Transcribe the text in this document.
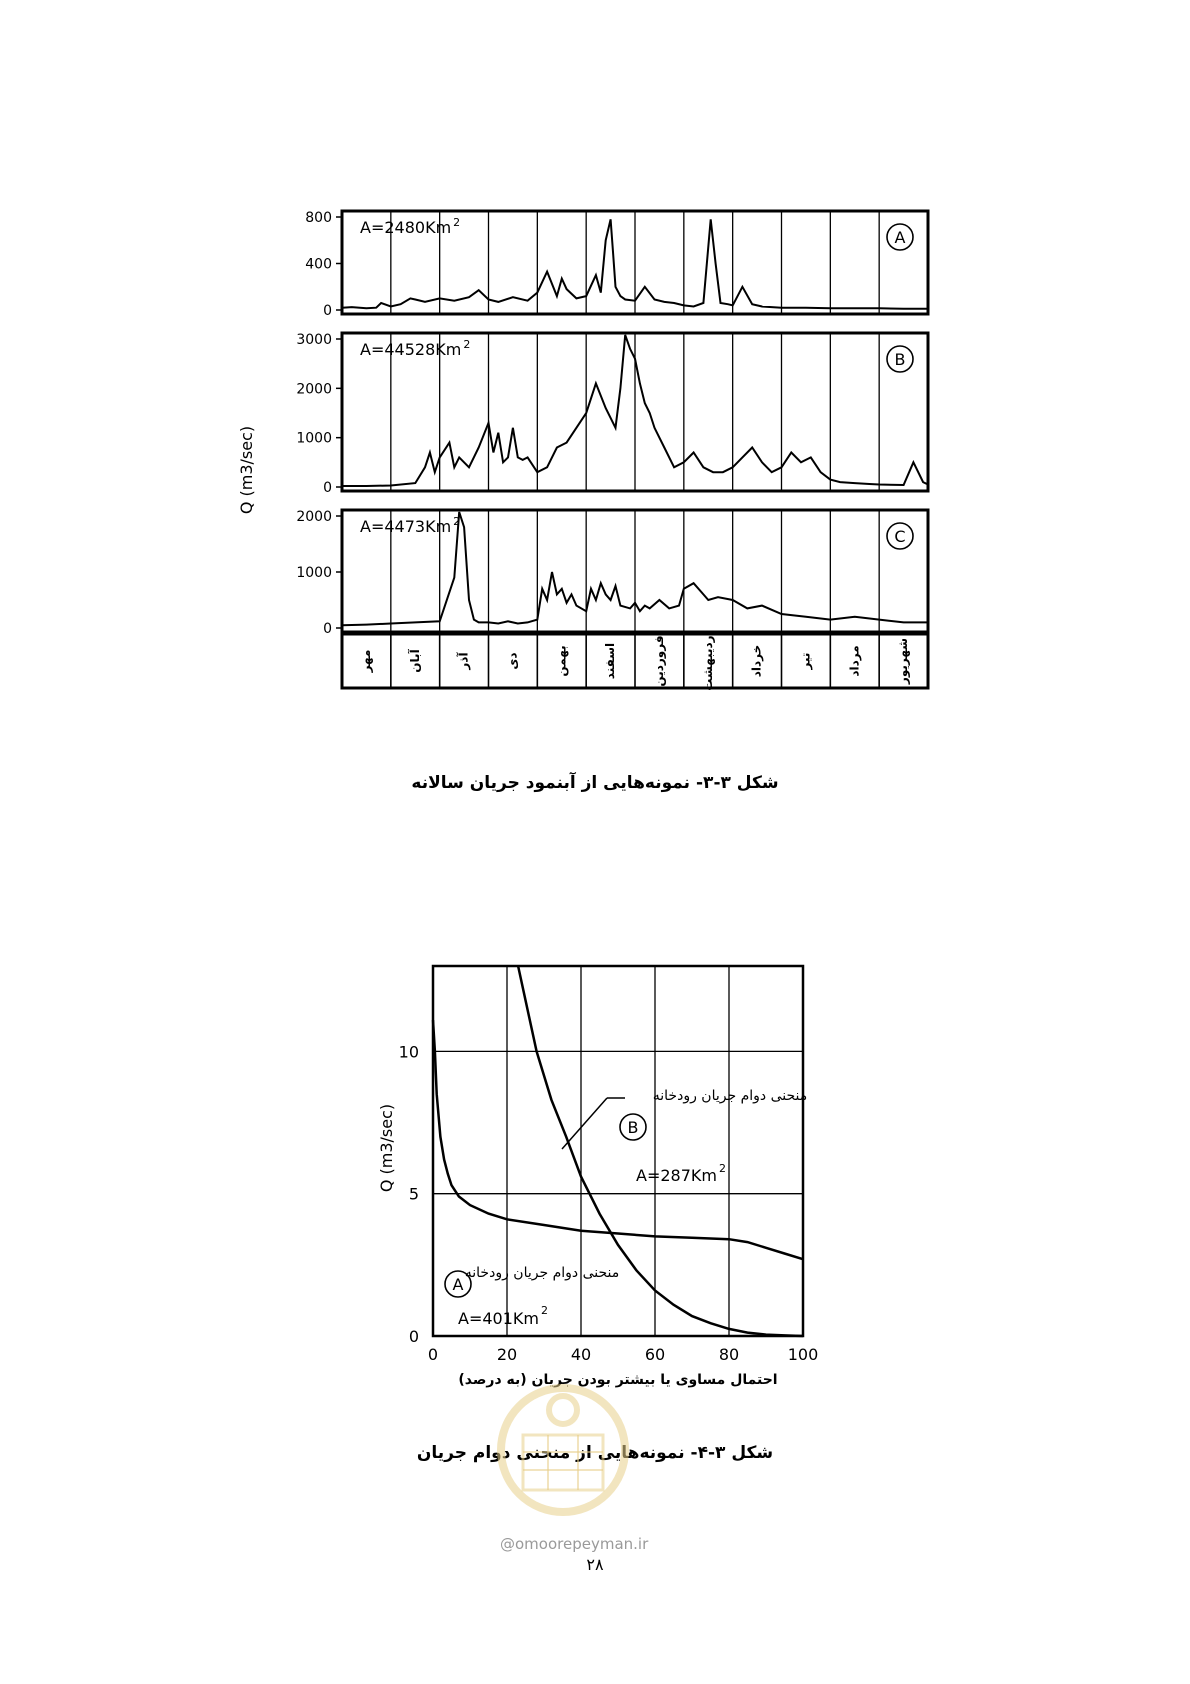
0
400
800 A=2480Km 2
A
0
1000
2000
3000 A=44528Km 2
B
0
1000
2000 A=4473Km 2
C
Q (m3/sec)
مهر	آبان	آذر	دی	بهمن	اسفند	فروردین	اردیبهشت	خرداد	تیر	مرداد	شهریور
شکل ۳-۳- نمونه‌هایی از آبنمود جریان سالانه
0	20	40	60	80	100
0
5
10
Q (m3/sec)
احتمال مساوی یا بیشتر بودن جریان (به درصد)
B
منحنی دوام جریان رودخانه
A=287Km 2
A
منحنی دوام جریان رودخانه
A=401Km 2
شکل ۳-۴- نمونه‌هایی از منحنی دوام جریان
@omoorepeyman.ir
۲۸
